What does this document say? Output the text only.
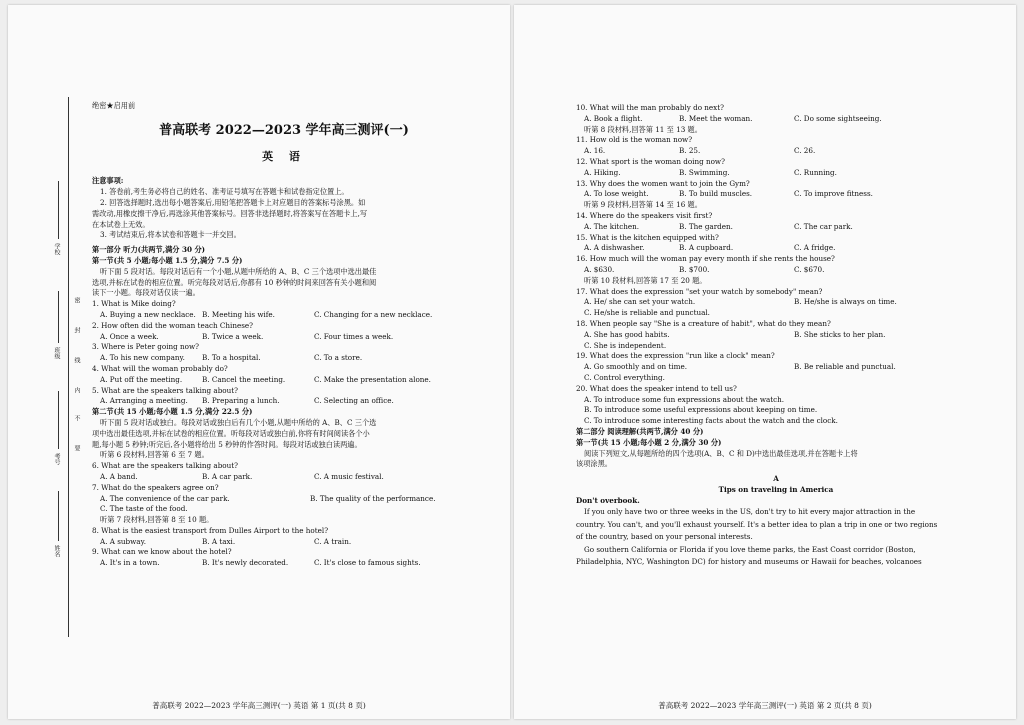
学校
班级
考号
姓名
密
封
线
内
不
要
绝密★启用前
普高联考 2022—2023 学年高三测评(一)
英 语
注意事项:
1. 答卷前,考生务必将自己的姓名、准考证号填写在答题卡和试卷指定位置上。
2. 回答选择题时,选出每小题答案后,用铅笔把答题卡上对应题目的答案标号涂黑。如
需改动,用橡皮擦干净后,再选涂其他答案标号。回答非选择题时,将答案写在答题卡上,写
在本试卷上无效。
3. 考试结束后,将本试卷和答题卡一并交回。
第一部分 听力(共两节,满分 30 分)
第一节(共 5 小题;每小题 1.5 分,满分 7.5 分)
听下面 5 段对话。每段对话后有一个小题,从题中所给的 A、B、C 三个选项中选出最佳
选项,并标在试卷的相应位置。听完每段对话后,你都有 10 秒钟的时间来回答有关小题和阅
读下一小题。每段对话仅读一遍。
1. What is Mike doing?
A. Buying a new necklace. B. Meeting his wife.	C. Changing for a new necklace.
2. How often did the woman teach Chinese?
A. Once a week.	B. Twice a week.	C. Four times a week.
3. Where is Peter going now?
A. To his new company.	B. To a hospital.	C. To a store.
4. What will the woman probably do?
A. Put off the meeting.	B. Cancel the meeting.	C. Make the presentation alone.
5. What are the speakers talking about?
A. Arranging a meeting.	B. Preparing a lunch.	C. Selecting an office.
第二节(共 15 小题;每小题 1.5 分,满分 22.5 分)
听下面 5 段对话或独白。每段对话或独白后有几个小题,从题中所给的 A、B、C 三个选
项中选出最佳选项,并标在试卷的相应位置。听每段对话或独白前,你将有时间阅读各个小
题,每小题 5 秒钟;听完后,各小题将给出 5 秒钟的作答时间。每段对话或独白读两遍。
听第 6 段材料,回答第 6 至 7 题。
6. What are the speakers talking about?
A. A band.	B. A car park.	C. A music festival.
7. What do the speakers agree on?
A. The convenience of the car park.	B. The quality of the performance.
C. The taste of the food.
听第 7 段材料,回答第 8 至 10 题。
8. What is the easiest transport from Dulles Airport to the hotel?
A. A subway.	B. A taxi.	C. A train.
9. What can we know about the hotel?
A. It's in a town.	B. It's newly decorated.	C. It's close to famous sights.
普高联考 2022—2023 学年高三测评(一) 英语 第 1 页(共 8 页)
10. What will the man probably do next?
A. Book a flight.	B. Meet the woman.	C. Do some sightseeing.
听第 8 段材料,回答第 11 至 13 题。
11. How old is the woman now?
A. 16.	B. 25.	C. 26.
12. What sport is the woman doing now?
A. Hiking.	B. Swimming.	C. Running.
13. Why does the women want to join the Gym?
A. To lose weight.	B. To build muscles.	C. To improve fitness.
听第 9 段材料,回答第 14 至 16 题。
14. Where do the speakers visit first?
A. The kitchen.	B. The garden.	C. The car park.
15. What is the kitchen equipped with?
A. A dishwasher.	B. A cupboard.	C. A fridge.
16. How much will the woman pay every month if she rents the house?
A. $630.	B. $700.	C. $670.
听第 10 段材料,回答第 17 至 20 题。
17. What does the expression "set your watch by somebody" mean?
A. He/ she can set your watch.	B. He/she is always on time.
C. He/she is reliable and punctual.
18. When people say "She is a creature of habit", what do they mean?
A. She has good habits.	B. She sticks to her plan.
C. She is independent.
19. What does the expression "run like a clock" mean?
A. Go smoothly and on time.	B. Be reliable and punctual.
C. Control everything.
20. What does the speaker intend to tell us?
A. To introduce some fun expressions about the watch.
B. To introduce some useful expressions about keeping on time.
C. To introduce some interesting facts about the watch and the clock.
第二部分 阅读理解(共两节,满分 40 分)
第一节(共 15 小题;每小题 2 分,满分 30 分)
阅读下列短文,从每题所给的四个选项(A、B、C 和 D)中选出最佳选项,并在答题卡上将
该项涂黑。
A
Tips on traveling in America
Don't overbook.
If you only have two or three weeks in the US, don't try to hit every major attraction in the
country. You can't, and you'll exhaust yourself. It's a better idea to plan a trip in one or two regions
of the country, based on your personal interests.
Go southern California or Florida if you love theme parks, the East Coast corridor (Boston,
Philadelphia, NYC, Washington DC) for history and museums or Hawaii for beaches, volcanoes
普高联考 2022—2023 学年高三测评(一) 英语 第 2 页(共 8 页)
